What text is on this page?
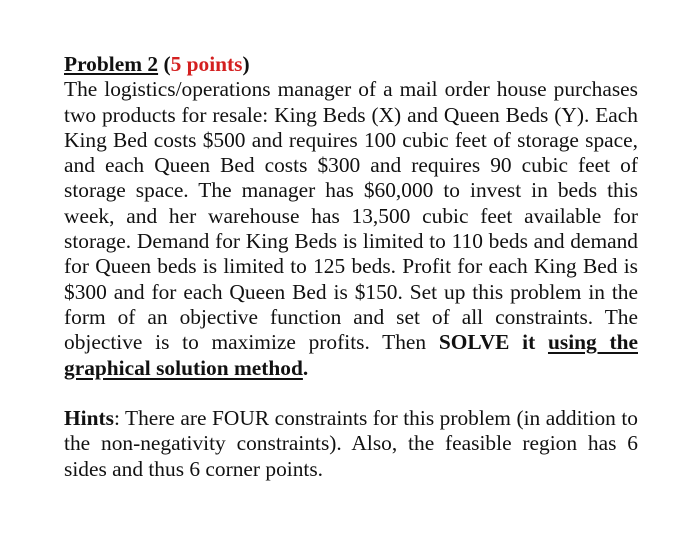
Problem 2 (5 points)

The logistics/operations manager of a mail order house purchases two products for resale: King Beds (X) and Queen Beds (Y). Each King Bed costs $500 and requires 100 cubic feet of storage space, and each Queen Bed costs $300 and requires 90 cubic feet of storage space. The manager has $60,000 to invest in beds this week, and her warehouse has 13,500 cubic feet available for storage. Demand for King Beds is limited to 110 beds and demand for Queen beds is limited to 125 beds. Profit for each King Bed is $300 and for each Queen Bed is $150. Set up this problem in the form of an objective function and set of all constraints. The objective is to maximize profits. Then SOLVE it using the graphical solution method.

Hints: There are FOUR constraints for this problem (in addition to the non-negativity constraints). Also, the feasible region has 6 sides and thus 6 corner points.
